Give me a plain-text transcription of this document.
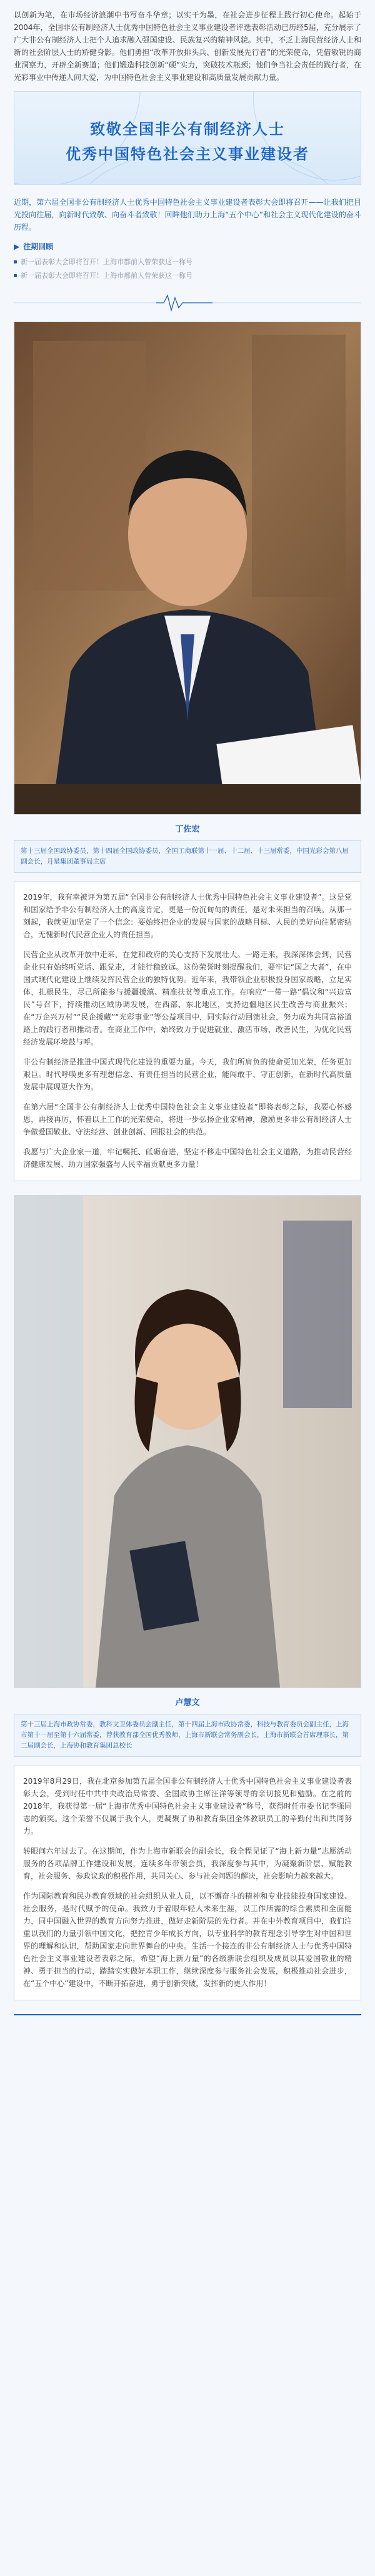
以创新为笔，在市场经济浪潮中书写奋斗华章；以实干为墨，在社会进步征程上践行初心使命。起始于2004年，全国非公有制经济人士优秀中国特色社会主义事业建设者评选表彰活动已历经5届，充分展示了广大非公有制经济人士把个人追求融入强国建设、民族复兴的精神风貌。其中，不乏上海民营经济人士和新的社会阶层人士的矫健身影。他们勇担“改革开放排头兵、创新发展先行者”的光荣使命，凭借敏锐的商业洞察力，开辟全新赛道；他们锻造科技创新“硬”实力，突破技术瓶颈；他们争当社会责任的践行者，在光彩事业中传递人间大爱，为中国特色社会主义事业建设和高质量发展贡献力量。

致敬全国非公有制经济人士
优秀中国特色社会主义事业建设者

近期，第六届全国非公有制经济人士优秀中国特色社会主义事业建设者表彰大会即将召开——让我们把目光投向往届，向新时代致敬、向奋斗者致敬！回眸他们助力上海“五个中心”和社会主义现代化建设的奋斗历程。

▶ 往期回顾
新一届表彰大会即将召开！上海市都前人曾荣获这一称号
新一届表彰大会即将召开！上海市都前人曾荣获这一称号
丁佐宏
第十三届全国政协委员，第十四届全国政协委员，全国工商联第十一届、十二届、十三届常委，中国光彩会第八届副会长，月星集团董事局主席

2019年，我有幸被评为第五届“全国非公有制经济人士优秀中国特色社会主义事业建设者”。这是党和国家给予非公有制经济人士的高度肯定，更是一份沉甸甸的责任，是对未来担当的召唤。从那一刻起，我就更加坚定了一个信念：要始终把企业的发展与国家的战略目标、人民的美好向往紧密结合，无愧新时代民营企业人的责任担当。

民营企业从改革开放中走来，在党和政府的关心支持下发展壮大。一路走来，我深深体会到，民营企业只有始终听党话、跟党走，才能行稳致远。这份荣誉时刻提醒我们，要牢记“国之大者”，在中国式现代化建设上继续发挥民营企业的独特优势。近年来，我带领企业积极投身国家战略，立足实体，扎根民生，尽己所能参与援疆援滇、精准扶贫等重点工作。在响应“一带一路”倡议和“兴边富民”号召下，持续推动区域协调发展，在西部、东北地区，支持边疆地区民生改善与商业振兴；在“万企兴万村”“民企援藏”“光彩事业”等公益项目中，同实际行动回馈社会，努力成为共同富裕道路上的践行者和推动者。在商业工作中，始终致力于促进就业、激活市场、改善民生，为优化民营经济发展环境鼓与呼。

非公有制经济是推进中国式现代化建设的重要力量。今天，我们所肩负的使命更加光荣，任务更加艰巨。时代呼唤更多有理想信念、有责任担当的民营企业，能闯敢干、守正创新，在新时代高质量发展中展现更大作为。

在第六届“全国非公有制经济人士优秀中国特色社会主义事业建设者”即将表彰之际，我要心怀感恩，再接再厉，怀着以上工作的光荣使命，将进一步弘扬企业家精神，激励更多非公有制经济人士争做爱国敬业、守法经营、创业创新、回报社会的典范。

我愿与广大企业家一道，牢记嘱托、砥砺奋进，坚定不移走中国特色社会主义道路，为推动民营经济健康发展、助力国家强盛与人民幸福贡献更多力量！

卢慧文
第十三届上海市政协常委，教科文卫体委员会副主任，第十四届上海市政协常委，科技与教育委员会副主任，上海市第十一届至第十六届常委，曾获教育部全国优秀教师，上海市新联会常务副会长，上海市新联会首席理事长，第二届副会长，上海协和教育集团总校长

2019年8月29日，我在北京参加第五届全国非公有制经济人士优秀中国特色社会主义事业建设者表彰大会，受到时任中共中央政治局常委、全国政协主席汪洋等领导的亲切接见和勉励。在之前的2018年，我获得第一届“上海市优秀中国特色社会主义事业建设者”称号，获得时任市委书记李强同志的颁奖。这个荣誉不仅属于我个人，更凝聚了协和教育集团全体教职员工的辛勤付出和共同努力。

转眼间六年过去了。在这期间，作为上海市新联会的副会长，我全程见证了“海上新力量”志愿活动服务的各项品牌工作建设和发展，连续多年带领会员，我深度参与其中，为凝聚新阶层、赋能教育，社会服务、参政议政的积极作用，共同关心、参与社会问题的解决，社会影响力越来越大。

作为国际教育和民办教育领域的社会组织从业人员，以不懈奋斗的精神和专业技能投身国家建设、社会服务，是时代赋予的使命。我致力于着眼年轻人未来生涯，以工作所需的综合素质和全面能力，同中国融入世界的教育方向努力推进，做好走新阶层的先行者。并在中外教育项目中，我们注重以我们的力量引领中国文化，把控青少年成长方向，以专业科学的教育理念引导学生对中国和世界的理解和认识，帮助国家走向世界舞台的中央。生活一个接连的非公有制经济人士与优秀中国特色社会主义事业建设者表彰之际，希望“海上新力量”的各级新联会组织及成员以其爱国敬业的精神、勇于担当的行动，踏踏实实做好本职工作，继续深度参与服务社会发展，积极推动社会进步，在“五个中心”建设中，不断开拓奋进，勇于创新突破，发挥新的更大作用！
